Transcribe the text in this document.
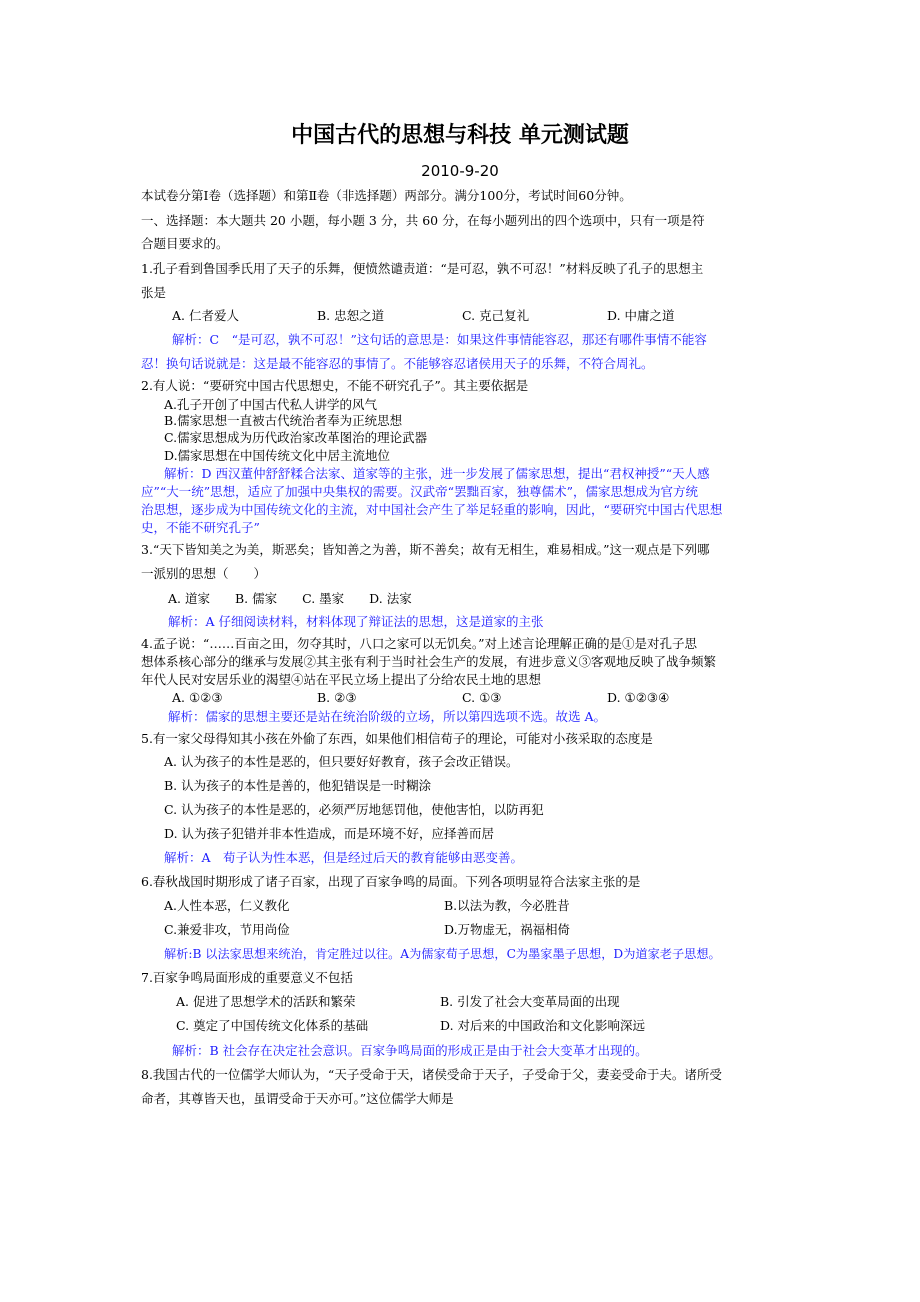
中国古代的思想与科技 单元测试题
2010-9-20
本试卷分第Ⅰ卷（选择题）和第Ⅱ卷（非选择题）两部分。满分100分，考试时间60分钟。
一、选择题：本大题共 20 小题，每小题 3 分，共 60 分，在每小题列出的四个选项中，只有一项是符
合题目要求的。
1.孔子看到鲁国季氏用了天子的乐舞，便愤然谴责道：“是可忍，孰不可忍！”材料反映了孔子的思想主
张是
A. 仁者爱人	B. 忠恕之道	C. 克己复礼	D. 中庸之道
解析：C　“是可忍，孰不可忍！”这句话的意思是：如果这件事情能容忍，那还有哪件事情不能容
忍！换句话说就是：这是最不能容忍的事情了。不能够容忍诸侯用天子的乐舞，不符合周礼。
2.有人说：“要研究中国古代思想史，不能不研究孔子”。其主要依据是
A.孔子开创了中国古代私人讲学的风气
B.儒家思想一直被古代统治者奉为正统思想
C.儒家思想成为历代政治家改革图治的理论武器
D.儒家思想在中国传统文化中居主流地位
解析：D 西汉董仲舒舒糅合法家、道家等的主张，进一步发展了儒家思想，提出“君权神授”“天人感
应”“大一统”思想，适应了加强中央集权的需要。汉武帝“罢黜百家，独尊儒术”，儒家思想成为官方统
治思想，逐步成为中国传统文化的主流，对中国社会产生了举足轻重的影响，因此，“要研究中国古代思想
史，不能不研究孔子”
3.“天下皆知美之为美，斯恶矣；皆知善之为善，斯不善矣；故有无相生，难易相成。”这一观点是下列哪
一派别的思想（　　）
A. 道家　　B. 儒家　　C. 墨家　　D. 法家
解析：A 仔细阅读材料，材料体现了辩证法的思想，这是道家的主张
4.孟子说：“……百亩之田，勿夺其时，八口之家可以无饥矣。”对上述言论理解正确的是①是对孔子思
想体系核心部分的继承与发展②其主张有利于当时社会生产的发展，有进步意义③客观地反映了战争频繁
年代人民对安居乐业的渴望④站在平民立场上提出了分给农民土地的思想
A. ①②③	B. ②③	C. ①③	D. ①②③④
解析：儒家的思想主要还是站在统治阶级的立场，所以第四选项不选。故选 A。
5.有一家父母得知其小孩在外偷了东西，如果他们相信荀子的理论，可能对小孩采取的态度是
A. 认为孩子的本性是恶的，但只要好好教育，孩子会改正错误。
B. 认为孩子的本性是善的，他犯错误是一时糊涂
C. 认为孩子的本性是恶的，必须严厉地惩罚他，使他害怕，以防再犯
D. 认为孩子犯错并非本性造成，而是环境不好，应择善而居
解析：A　荀子认为性本恶，但是经过后天的教育能够由恶变善。
6.春秋战国时期形成了诸子百家，出现了百家争鸣的局面。下列各项明显符合法家主张的是
A.人性本恶，仁义教化	B.以法为教，今必胜昔
C.兼爱非攻，节用尚俭	D.万物虚无，祸福相倚
解析:B 以法家思想来统治，肯定胜过以往。A为儒家荀子思想，C为墨家墨子思想，D为道家老子思想。
7.百家争鸣局面形成的重要意义不包括
A. 促进了思想学术的活跃和繁荣	B. 引发了社会大变革局面的出现
C. 奠定了中国传统文化体系的基础	D. 对后来的中国政治和文化影响深远
解析：B 社会存在决定社会意识。百家争鸣局面的形成正是由于社会大变革才出现的。
8.我国古代的一位儒学大师认为，“天子受命于天，诸侯受命于天子，子受命于父，妻妾受命于夫。诸所受
命者，其尊皆天也，虽谓受命于天亦可。”这位儒学大师是
